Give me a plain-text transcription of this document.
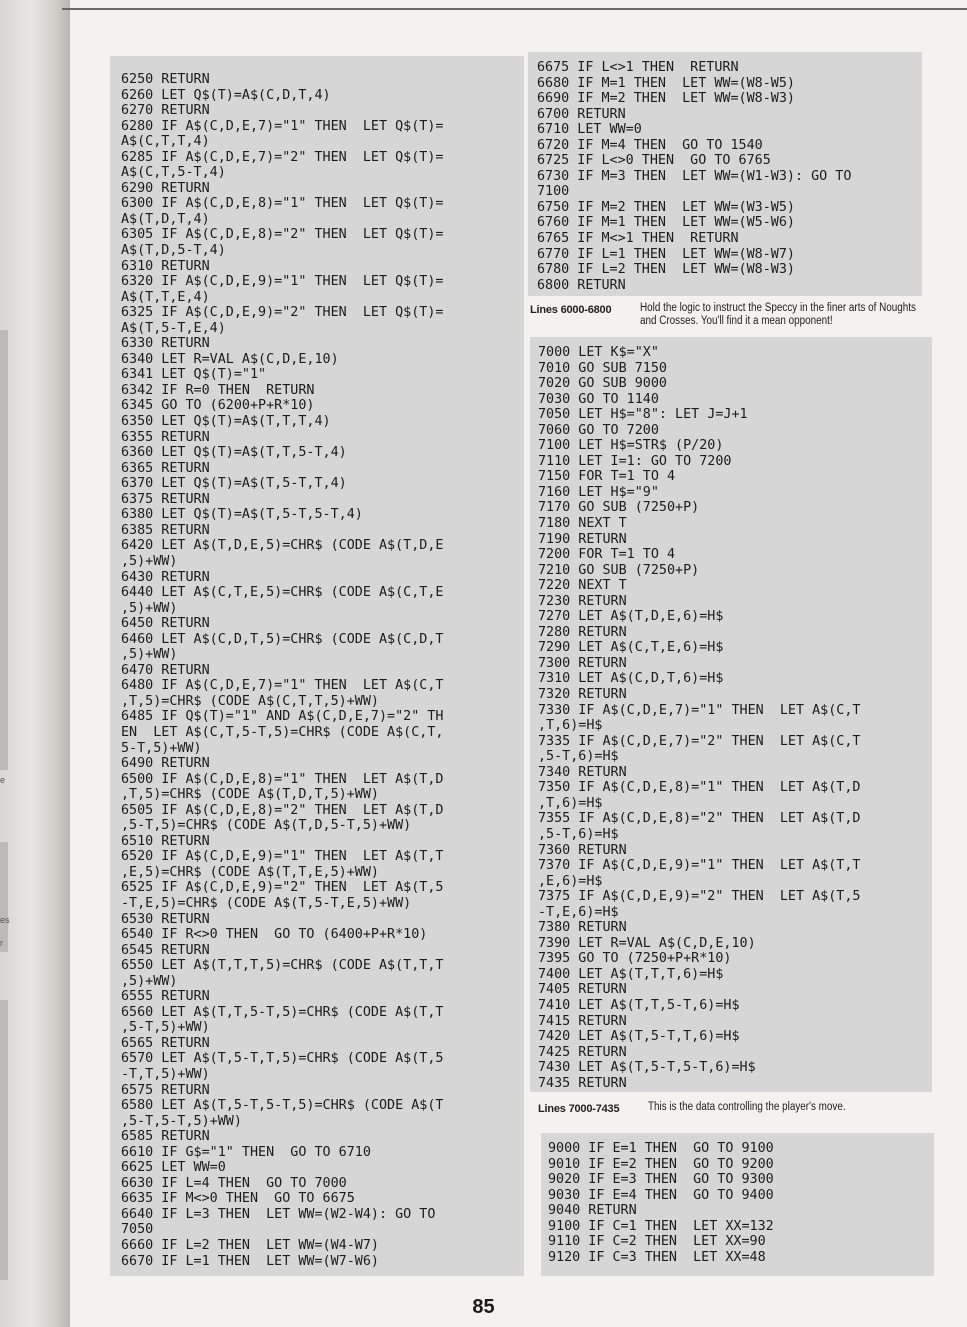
e
es
r
6250 RETURN
6260 LET Q$(T)=A$(C,D,T,4)
6270 RETURN
6280 IF A$(C,D,E,7)="1" THEN  LET Q$(T)=
A$(C,T,T,4)
6285 IF A$(C,D,E,7)="2" THEN  LET Q$(T)=
A$(C,T,5-T,4)
6290 RETURN
6300 IF A$(C,D,E,8)="1" THEN  LET Q$(T)=
A$(T,D,T,4)
6305 IF A$(C,D,E,8)="2" THEN  LET Q$(T)=
A$(T,D,5-T,4)
6310 RETURN
6320 IF A$(C,D,E,9)="1" THEN  LET Q$(T)=
A$(T,T,E,4)
6325 IF A$(C,D,E,9)="2" THEN  LET Q$(T)=
A$(T,5-T,E,4)
6330 RETURN
6340 LET R=VAL A$(C,D,E,10)
6341 LET Q$(T)="1"
6342 IF R=0 THEN  RETURN
6345 GO TO (6200+P+R*10)
6350 LET Q$(T)=A$(T,T,T,4)
6355 RETURN
6360 LET Q$(T)=A$(T,T,5-T,4)
6365 RETURN
6370 LET Q$(T)=A$(T,5-T,T,4)
6375 RETURN
6380 LET Q$(T)=A$(T,5-T,5-T,4)
6385 RETURN
6420 LET A$(T,D,E,5)=CHR$ (CODE A$(T,D,E
,5)+WW)
6430 RETURN
6440 LET A$(C,T,E,5)=CHR$ (CODE A$(C,T,E
,5)+WW)
6450 RETURN
6460 LET A$(C,D,T,5)=CHR$ (CODE A$(C,D,T
,5)+WW)
6470 RETURN
6480 IF A$(C,D,E,7)="1" THEN  LET A$(C,T
,T,5)=CHR$ (CODE A$(C,T,T,5)+WW)
6485 IF Q$(T)="1" AND A$(C,D,E,7)="2" TH
EN  LET A$(C,T,5-T,5)=CHR$ (CODE A$(C,T,
5-T,5)+WW)
6490 RETURN
6500 IF A$(C,D,E,8)="1" THEN  LET A$(T,D
,T,5)=CHR$ (CODE A$(T,D,T,5)+WW)
6505 IF A$(C,D,E,8)="2" THEN  LET A$(T,D
,5-T,5)=CHR$ (CODE A$(T,D,5-T,5)+WW)
6510 RETURN
6520 IF A$(C,D,E,9)="1" THEN  LET A$(T,T
,E,5)=CHR$ (CODE A$(T,T,E,5)+WW)
6525 IF A$(C,D,E,9)="2" THEN  LET A$(T,5
-T,E,5)=CHR$ (CODE A$(T,5-T,E,5)+WW)
6530 RETURN
6540 IF R<>0 THEN  GO TO (6400+P+R*10)
6545 RETURN
6550 LET A$(T,T,T,5)=CHR$ (CODE A$(T,T,T
,5)+WW)
6555 RETURN
6560 LET A$(T,T,5-T,5)=CHR$ (CODE A$(T,T
,5-T,5)+WW)
6565 RETURN
6570 LET A$(T,5-T,T,5)=CHR$ (CODE A$(T,5
-T,T,5)+WW)
6575 RETURN
6580 LET A$(T,5-T,5-T,5)=CHR$ (CODE A$(T
,5-T,5-T,5)+WW)
6585 RETURN
6610 IF G$="1" THEN  GO TO 6710
6625 LET WW=0
6630 IF L=4 THEN  GO TO 7000
6635 IF M<>0 THEN  GO TO 6675
6640 IF L=3 THEN  LET WW=(W2-W4): GO TO
7050
6660 IF L=2 THEN  LET WW=(W4-W7)
6670 IF L=1 THEN  LET WW=(W7-W6)
6675 IF L<>1 THEN  RETURN
6680 IF M=1 THEN  LET WW=(W8-W5)
6690 IF M=2 THEN  LET WW=(W8-W3)
6700 RETURN
6710 LET WW=0
6720 IF M=4 THEN  GO TO 1540
6725 IF L<>0 THEN  GO TO 6765
6730 IF M=3 THEN  LET WW=(W1-W3): GO TO
7100
6750 IF M=2 THEN  LET WW=(W3-W5)
6760 IF M=1 THEN  LET WW=(W5-W6)
6765 IF M<>1 THEN  RETURN
6770 IF L=1 THEN  LET WW=(W8-W7)
6780 IF L=2 THEN  LET WW=(W8-W3)
6800 RETURN
Lines 6000-6800 Hold the logic to instruct the Speccy in the finer arts of Noughts and Crosses. You'll find it a mean opponent!
7000 LET K$="X"
7010 GO SUB 7150
7020 GO SUB 9000
7030 GO TO 1140
7050 LET H$="8": LET J=J+1
7060 GO TO 7200
7100 LET H$=STR$ (P/20)
7110 LET I=1: GO TO 7200
7150 FOR T=1 TO 4
7160 LET H$="9"
7170 GO SUB (7250+P)
7180 NEXT T
7190 RETURN
7200 FOR T=1 TO 4
7210 GO SUB (7250+P)
7220 NEXT T
7230 RETURN
7270 LET A$(T,D,E,6)=H$
7280 RETURN
7290 LET A$(C,T,E,6)=H$
7300 RETURN
7310 LET A$(C,D,T,6)=H$
7320 RETURN
7330 IF A$(C,D,E,7)="1" THEN  LET A$(C,T
,T,6)=H$
7335 IF A$(C,D,E,7)="2" THEN  LET A$(C,T
,5-T,6)=H$
7340 RETURN
7350 IF A$(C,D,E,8)="1" THEN  LET A$(T,D
,T,6)=H$
7355 IF A$(C,D,E,8)="2" THEN  LET A$(T,D
,5-T,6)=H$
7360 RETURN
7370 IF A$(C,D,E,9)="1" THEN  LET A$(T,T
,E,6)=H$
7375 IF A$(C,D,E,9)="2" THEN  LET A$(T,5
-T,E,6)=H$
7380 RETURN
7390 LET R=VAL A$(C,D,E,10)
7395 GO TO (7250+P+R*10)
7400 LET A$(T,T,T,6)=H$
7405 RETURN
7410 LET A$(T,T,5-T,6)=H$
7415 RETURN
7420 LET A$(T,5-T,T,6)=H$
7425 RETURN
7430 LET A$(T,5-T,5-T,6)=H$
7435 RETURN
Lines 7000-7435 This is the data controlling the player's move.
9000 IF E=1 THEN  GO TO 9100
9010 IF E=2 THEN  GO TO 9200
9020 IF E=3 THEN  GO TO 9300
9030 IF E=4 THEN  GO TO 9400
9040 RETURN
9100 IF C=1 THEN  LET XX=132
9110 IF C=2 THEN  LET XX=90
9120 IF C=3 THEN  LET XX=48
85
